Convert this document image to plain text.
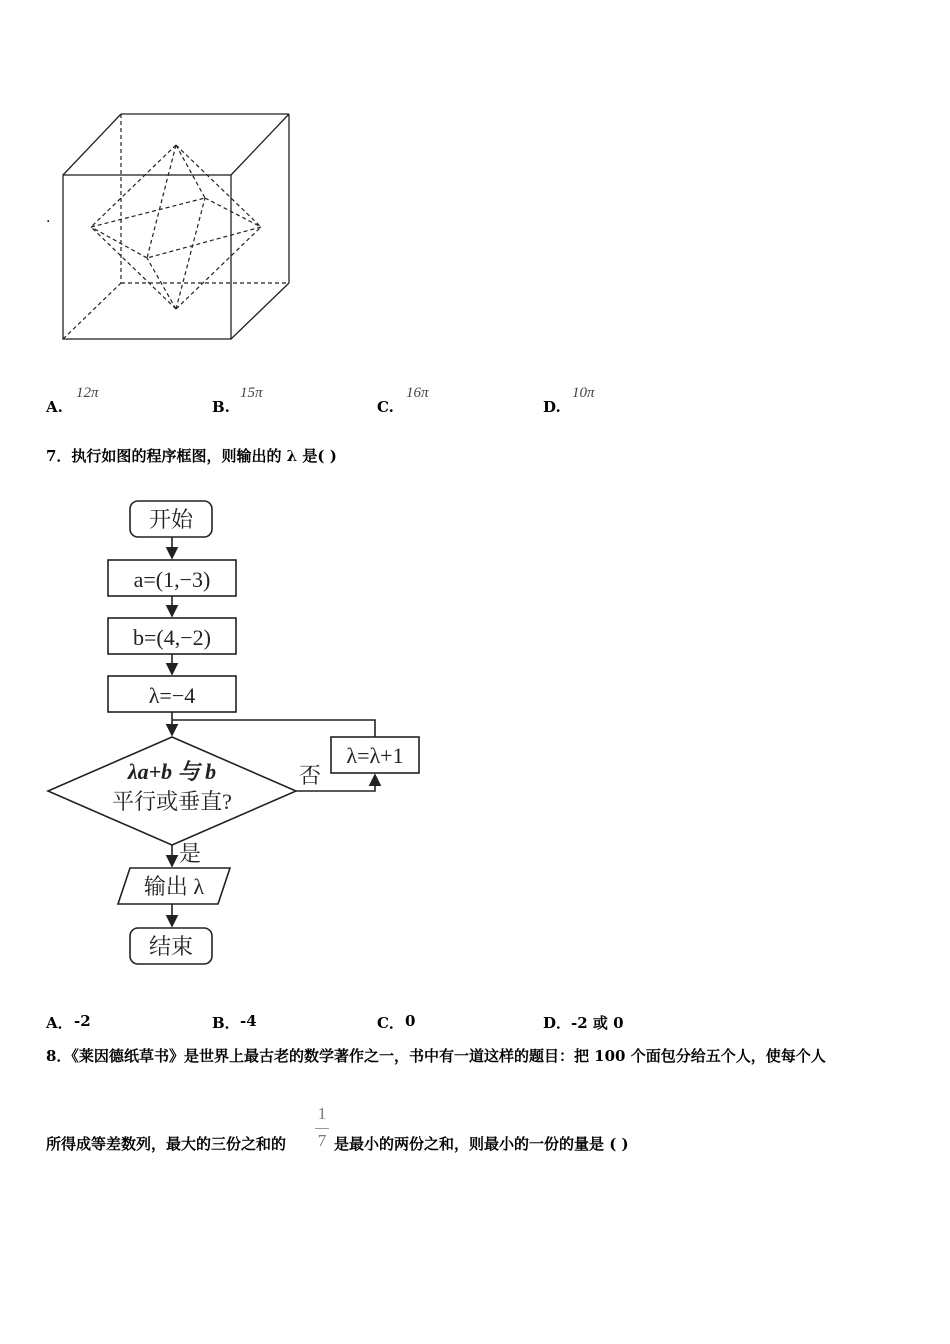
·
A.
12π
B.
15π
C.
16π
D.
10π
7．执行如图的程序框图，则输出的 λ 是( )
开始
a=(1,−3)
b=(4,−2)
λ=−4
λa+b 与 b
平行或垂直?
否
λ=λ+1
是
输出 λ
结束
A． -2	B． -4	C． 0	D． -2 或 0
8．《莱因德纸草书》是世界上最古老的数学著作之一，书中有一道这样的题目：把 100 个面包分给五个人，使每个人
所得成等差数列，最大的三份之和的
1
7 是最小的两份之和，则最小的一份的量是 ( )
